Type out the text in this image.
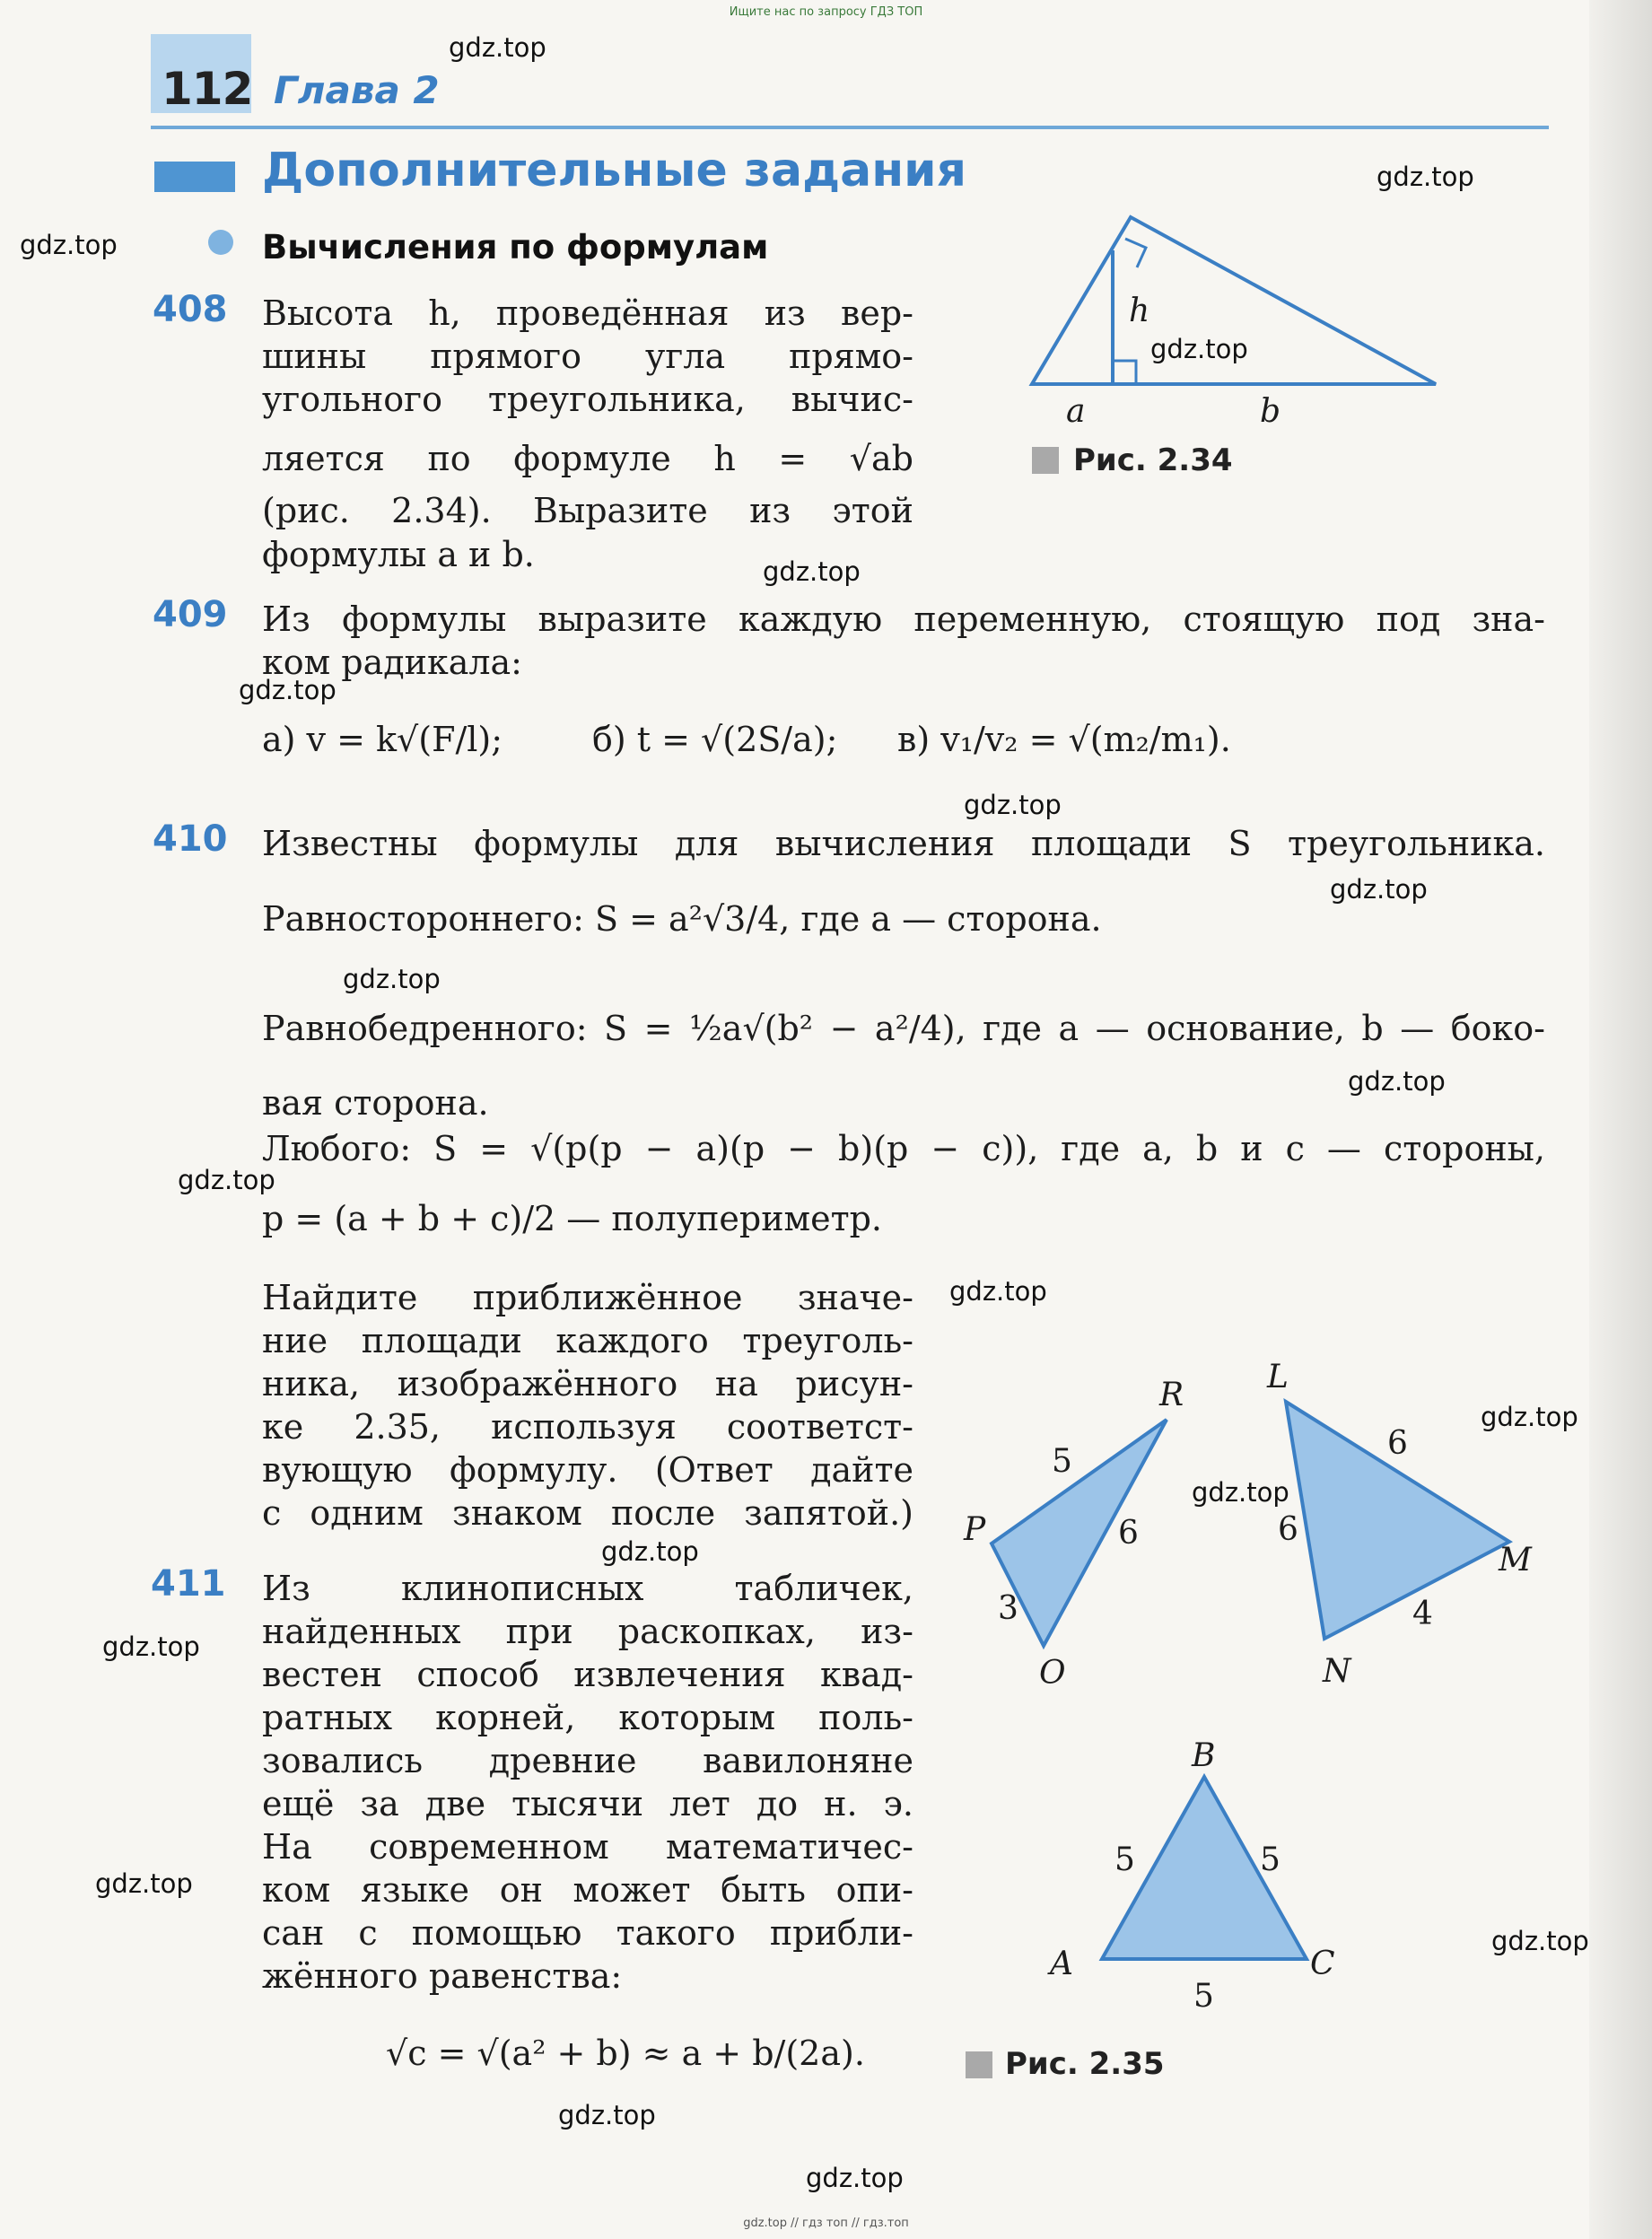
Ищите нас по запросу ГДЗ ТОП
112 Глава 2
Дополнительные задания
Вычисления по формулам
408 Высота h, проведённая из вер-
шины прямого угла прямо-
угольного треугольника, вычис-
ляется по формуле h = √ab
(рис. 2.34). Выразите из этой
формулы a и b.
h
a	b
Рис. 2.34
409 Из формулы выразите каждую переменную, стоящую под зна-
ком радикала:
а) v = k√(F/l);	б) t = √(2S/a); в) v₁/v₂ = √(m₂/m₁).
410 Известны формулы для вычисления площади S треугольника.
Равностороннего: S = a²√3/4, где a — сторона.
Равнобедренного: S = ½a√(b² − a²/4), где a — основание, b — боко-
вая сторона.
Любого: S = √(p(p − a)(p − b)(p − c)), где a, b и c — стороны,
p = (a + b + c)/2 — полупериметр.
Найдите приближённое значе-
ние площади каждого треуголь-
ника, изображённого на рисун-
ке 2.35, используя соответст-
вующую формулу. (Ответ дайте
с одним знаком после запятой.)
411 Из клинописных табличек,
найденных при раскопках, из-
вестен способ извлечения квад-
ратных корней, которым поль-
зовались древние вавилоняне
ещё за две тысячи лет до н. э.
На современном математичес-
ком языке он может быть опи-
сан с помощью такого прибли-
жённого равенства:
√c = √(a² + b) ≈ a + b/(2a).
P
R
O
5
6
3
L
M
N
6
6
4
B
A	C
5	5
5
Рис. 2.35
gdz.top
gdz.top
gdz.top
gdz.top
gdz.top
gdz.top
gdz.top
gdz.top
gdz.top
gdz.top
gdz.top
gdz.top
gdz.top
gdz.top
gdz.top
gdz.top
gdz.top
gdz.top
gdz.top
gdz.top
gdz.top // гдз топ // гдз.топ
